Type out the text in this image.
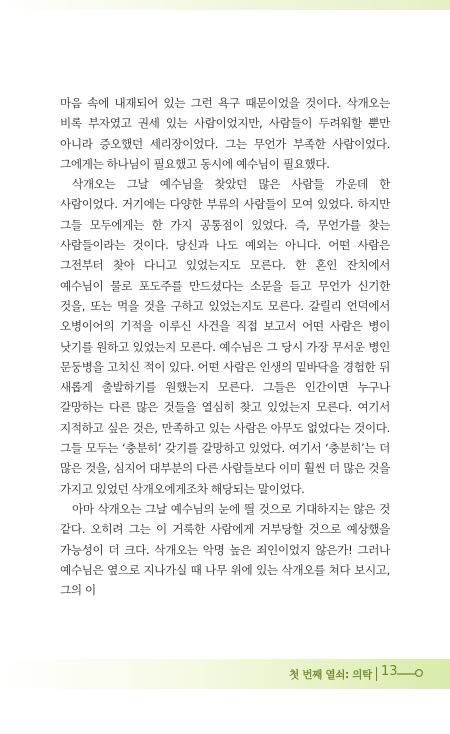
마음 속에 내재되어 있는 그런 욕구 때문이었을 것이다. 삭개오는 비록 부자였고 권세 있는 사람이었지만, 사람들이 두려워할 뿐만 아니라 증오했던 세리장이었다. 그는 무언가 부족한 사람이었다. 그에게는 하나님이 필요했고 동시에 예수님이 필요했다.

삭개오는 그날 예수님을 찾았던 많은 사람들 가운데 한 사람이었다. 거기에는 다양한 부류의 사람들이 모여 있었다. 하지만 그들 모두에게는 한 가지 공통점이 있었다. 즉, 무언가를 찾는 사람들이라는 것이다. 당신과 나도 예외는 아니다. 어떤 사람은 그전부터 찾아 다니고 있었는지도 모른다. 한 혼인 잔치에서 예수님이 물로 포도주를 만드셨다는 소문을 듣고 무언가 신기한 것을, 또는 먹을 것을 구하고 있었는지도 모른다. 갈릴리 언덕에서 오병이어의 기적을 이루신 사건을 직접 보고서 어떤 사람은 병이 낫기를 원하고 있었는지 모른다. 예수님은 그 당시 가장 무서운 병인 문둥병을 고치신 적이 있다. 어떤 사람은 인생의 밑바닥을 경험한 뒤 새롭게 출발하기를 원했는지 모른다. 그들은 인간이면 누구나 갈망하는 다른 많은 것들을 열심히 찾고 있었는지 모른다. 여기서 지적하고 싶은 것은, 만족하고 있는 사람은 아무도 없었다는 것이다. 그들 모두는 ‘충분히’ 갖기를 갈망하고 있었다. 여기서 ‘충분히’는 더 많은 것을, 심지어 대부분의 다른 사람들보다 이미 훨씬 더 많은 것을 가지고 있었던 삭개오에게조차 해당되는 말이었다.

아마 삭개오는 그날 예수님의 눈에 띌 것으로 기대하지는 않은 것 같다. 오히려 그는 이 거룩한 사람에게 거부당할 것으로 예상했을 가능성이 더 크다. 삭개오는 악명 높은 죄인이었지 않은가! 그러나 예수님은 옆으로 지나가실 때 나무 위에 있는 삭개오를 쳐다 보시고, 그의 이

첫 번째 열쇠: 의탁 13
